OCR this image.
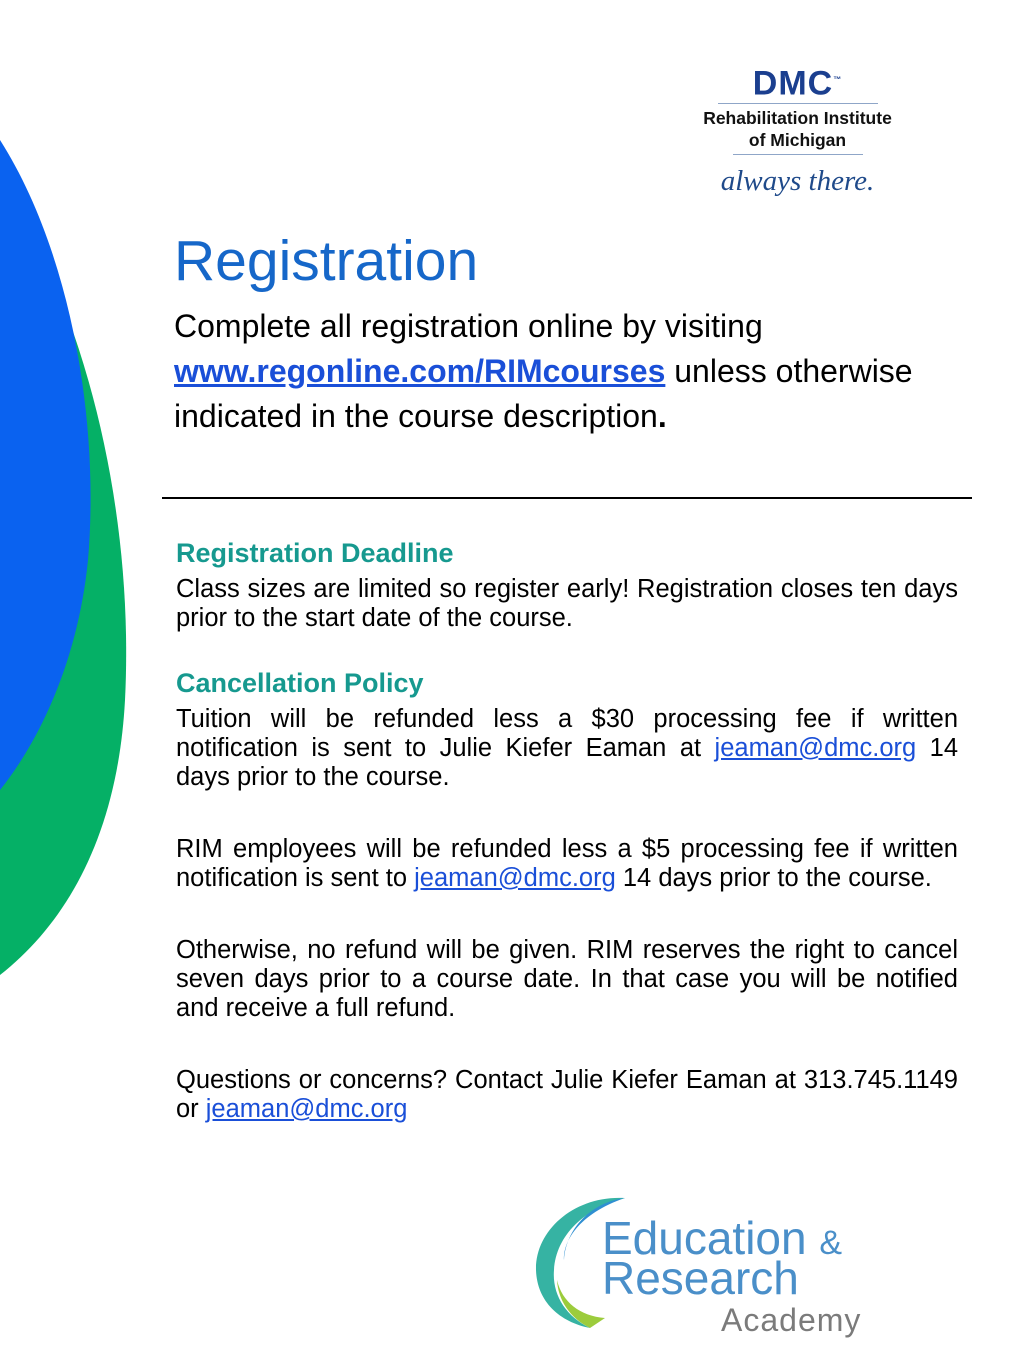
DMC™
Rehabilitation Institute
of Michigan
always there.
Registration
Complete all registration online by visiting www.regonline.com/RIMcourses unless otherwise indicated in the course description.
Registration Deadline

Class sizes are limited so register early! Registration closes ten days prior to the start date of the course.

Cancellation Policy

Tuition will be refunded less a $30 processing fee if written notification is sent to Julie Kiefer Eaman at jeaman@dmc.org 14 days prior to the course.

RIM employees will be refunded less a $5 processing fee if written notification is sent to jeaman@dmc.org 14 days prior to the course.

Otherwise, no refund will be given. RIM reserves the right to cancel seven days prior to a course date. In that case you will be notified and receive a full refund.

Questions or concerns? Contact Julie Kiefer Eaman at 313.745.1149 or jeaman@dmc.org

Education &
Research
Academy
